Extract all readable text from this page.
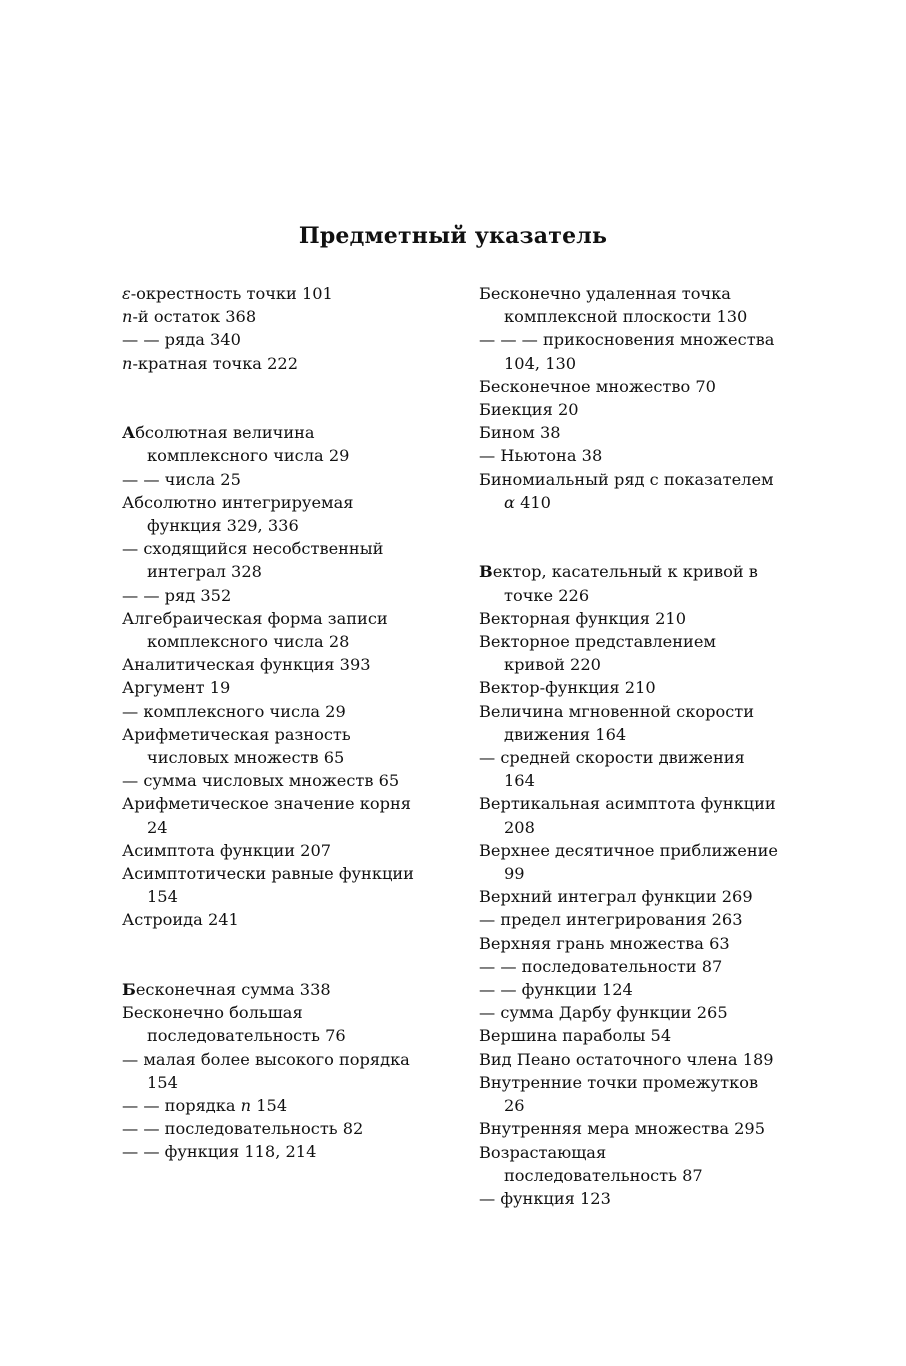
Предметный указатель

ε-окрестность точки 101

n-й остаток 368

— — ряда 340

n-кратная точка 222

Абсолютная величина комплексного числа 29

— — числа 25

Абсолютно интегрируемая функция 329, 336

— сходящийся несобственный интеграл 328

— — ряд 352

Алгебраическая форма записи комплексного числа 28

Аналитическая функция 393

Аргумент 19

— комплексного числа 29

Арифметическая разность числовых множеств 65

— сумма числовых множеств 65

Арифметическое значение корня 24

Асимптота функции 207

Асимптотически равные функции 154

Астроида 241

Бесконечная сумма 338

Бесконечно большая последовательность 76

— малая более высокого порядка 154

— — порядка n 154

— — последовательность 82

— — функция 118, 214

Бесконечно удаленная точка комплексной плоскости 130

— — — прикосновения множества 104, 130

Бесконечное множество 70

Биекция 20

Бином 38

— Ньютона 38

Биномиальный ряд с показателем α 410

Вектор, касательный к кривой в точке 226

Векторная функция 210

Векторное представлением кривой 220

Вектор-функция 210

Величина мгновенной скорости движения 164

— средней скорости движения 164

Вертикальная асимптота функции 208

Верхнее десятичное приближение 99

Верхний интеграл функции 269

— предел интегрирования 263

Верхняя грань множества 63

— — последовательности 87

— — функции 124

— сумма Дарбу функции 265

Вершина параболы 54

Вид Пеано остаточного члена 189

Внутренние точки промежутков 26

Внутренняя мера множества 295

Возрастающая последовательность 87

— функция 123
